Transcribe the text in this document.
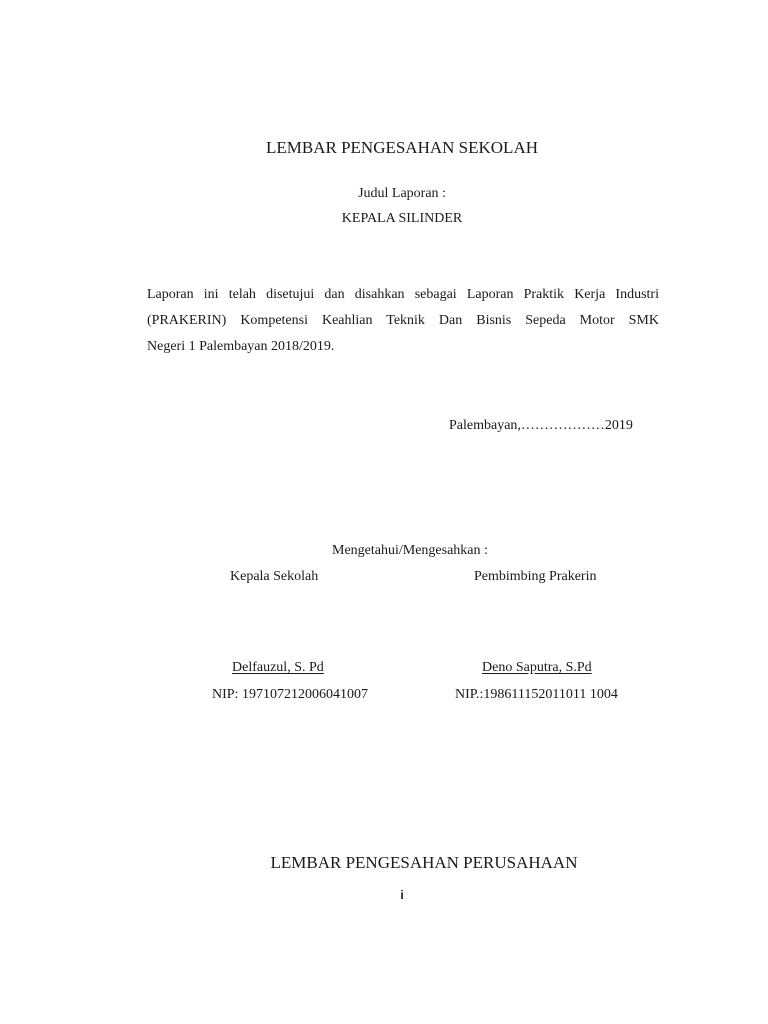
LEMBAR PENGESAHAN SEKOLAH
Judul Laporan :
KEPALA SILINDER
Laporan ini telah disetujui dan disahkan sebagai Laporan Praktik Kerja Industri
(PRAKERIN) Kompetensi Keahlian Teknik Dan Bisnis Sepeda Motor SMK
Negeri 1 Palembayan 2018/2019.
Palembayan,………………2019
Mengetahui/Mengesahkan :
Kepala Sekolah	Pembimbing Prakerin
Delfauzul, S. Pd	Deno Saputra, S.Pd
NIP: 197107212006041007	NIP.:198611152011011 1004
LEMBAR PENGESAHAN PERUSAHAAN
i
